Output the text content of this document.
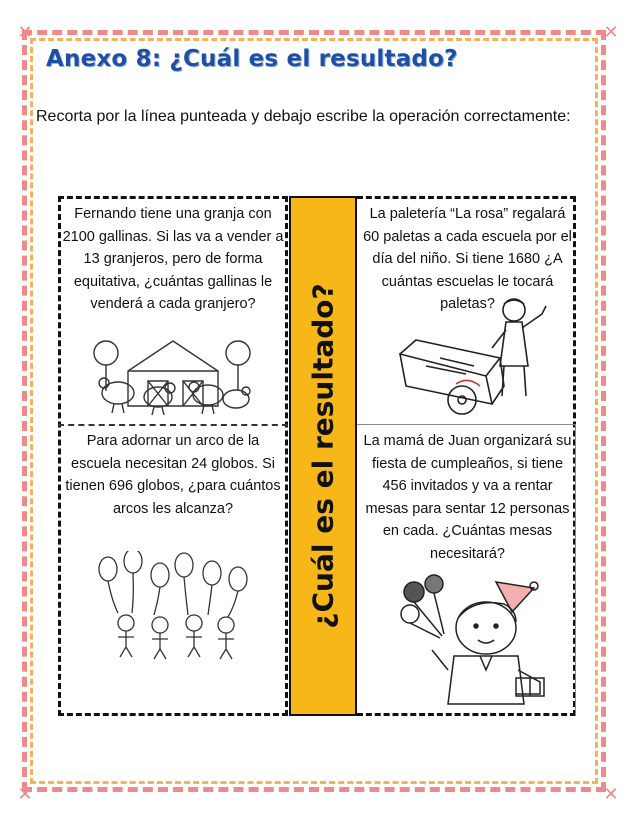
✕	✕
✕	✕
Anexo 8: ¿Cuál es el resultado?
Recorta por la línea punteada y debajo escribe la operación correctamente:
¿Cuál es el resultado?
Fernando tiene una granja con 2100 gallinas. Si las va a vender a 13 granjeros, pero de forma equitativa, ¿cuántas gallinas le venderá a cada granjero?
Para adornar un arco de la escuela necesitan 24 globos. Si tienen 696 globos, ¿para cuántos arcos les alcanza?
La paletería “La rosa” regalará 60 paletas a cada escuela por el día del niño. Si tiene 1680 ¿A cuántas escuelas le tocará paletas?
La mamá de Juan organizará su fiesta de cumpleaños, si tiene 456 invitados y va a rentar mesas para sentar 12 personas en cada. ¿Cuántas mesas necesitará?
